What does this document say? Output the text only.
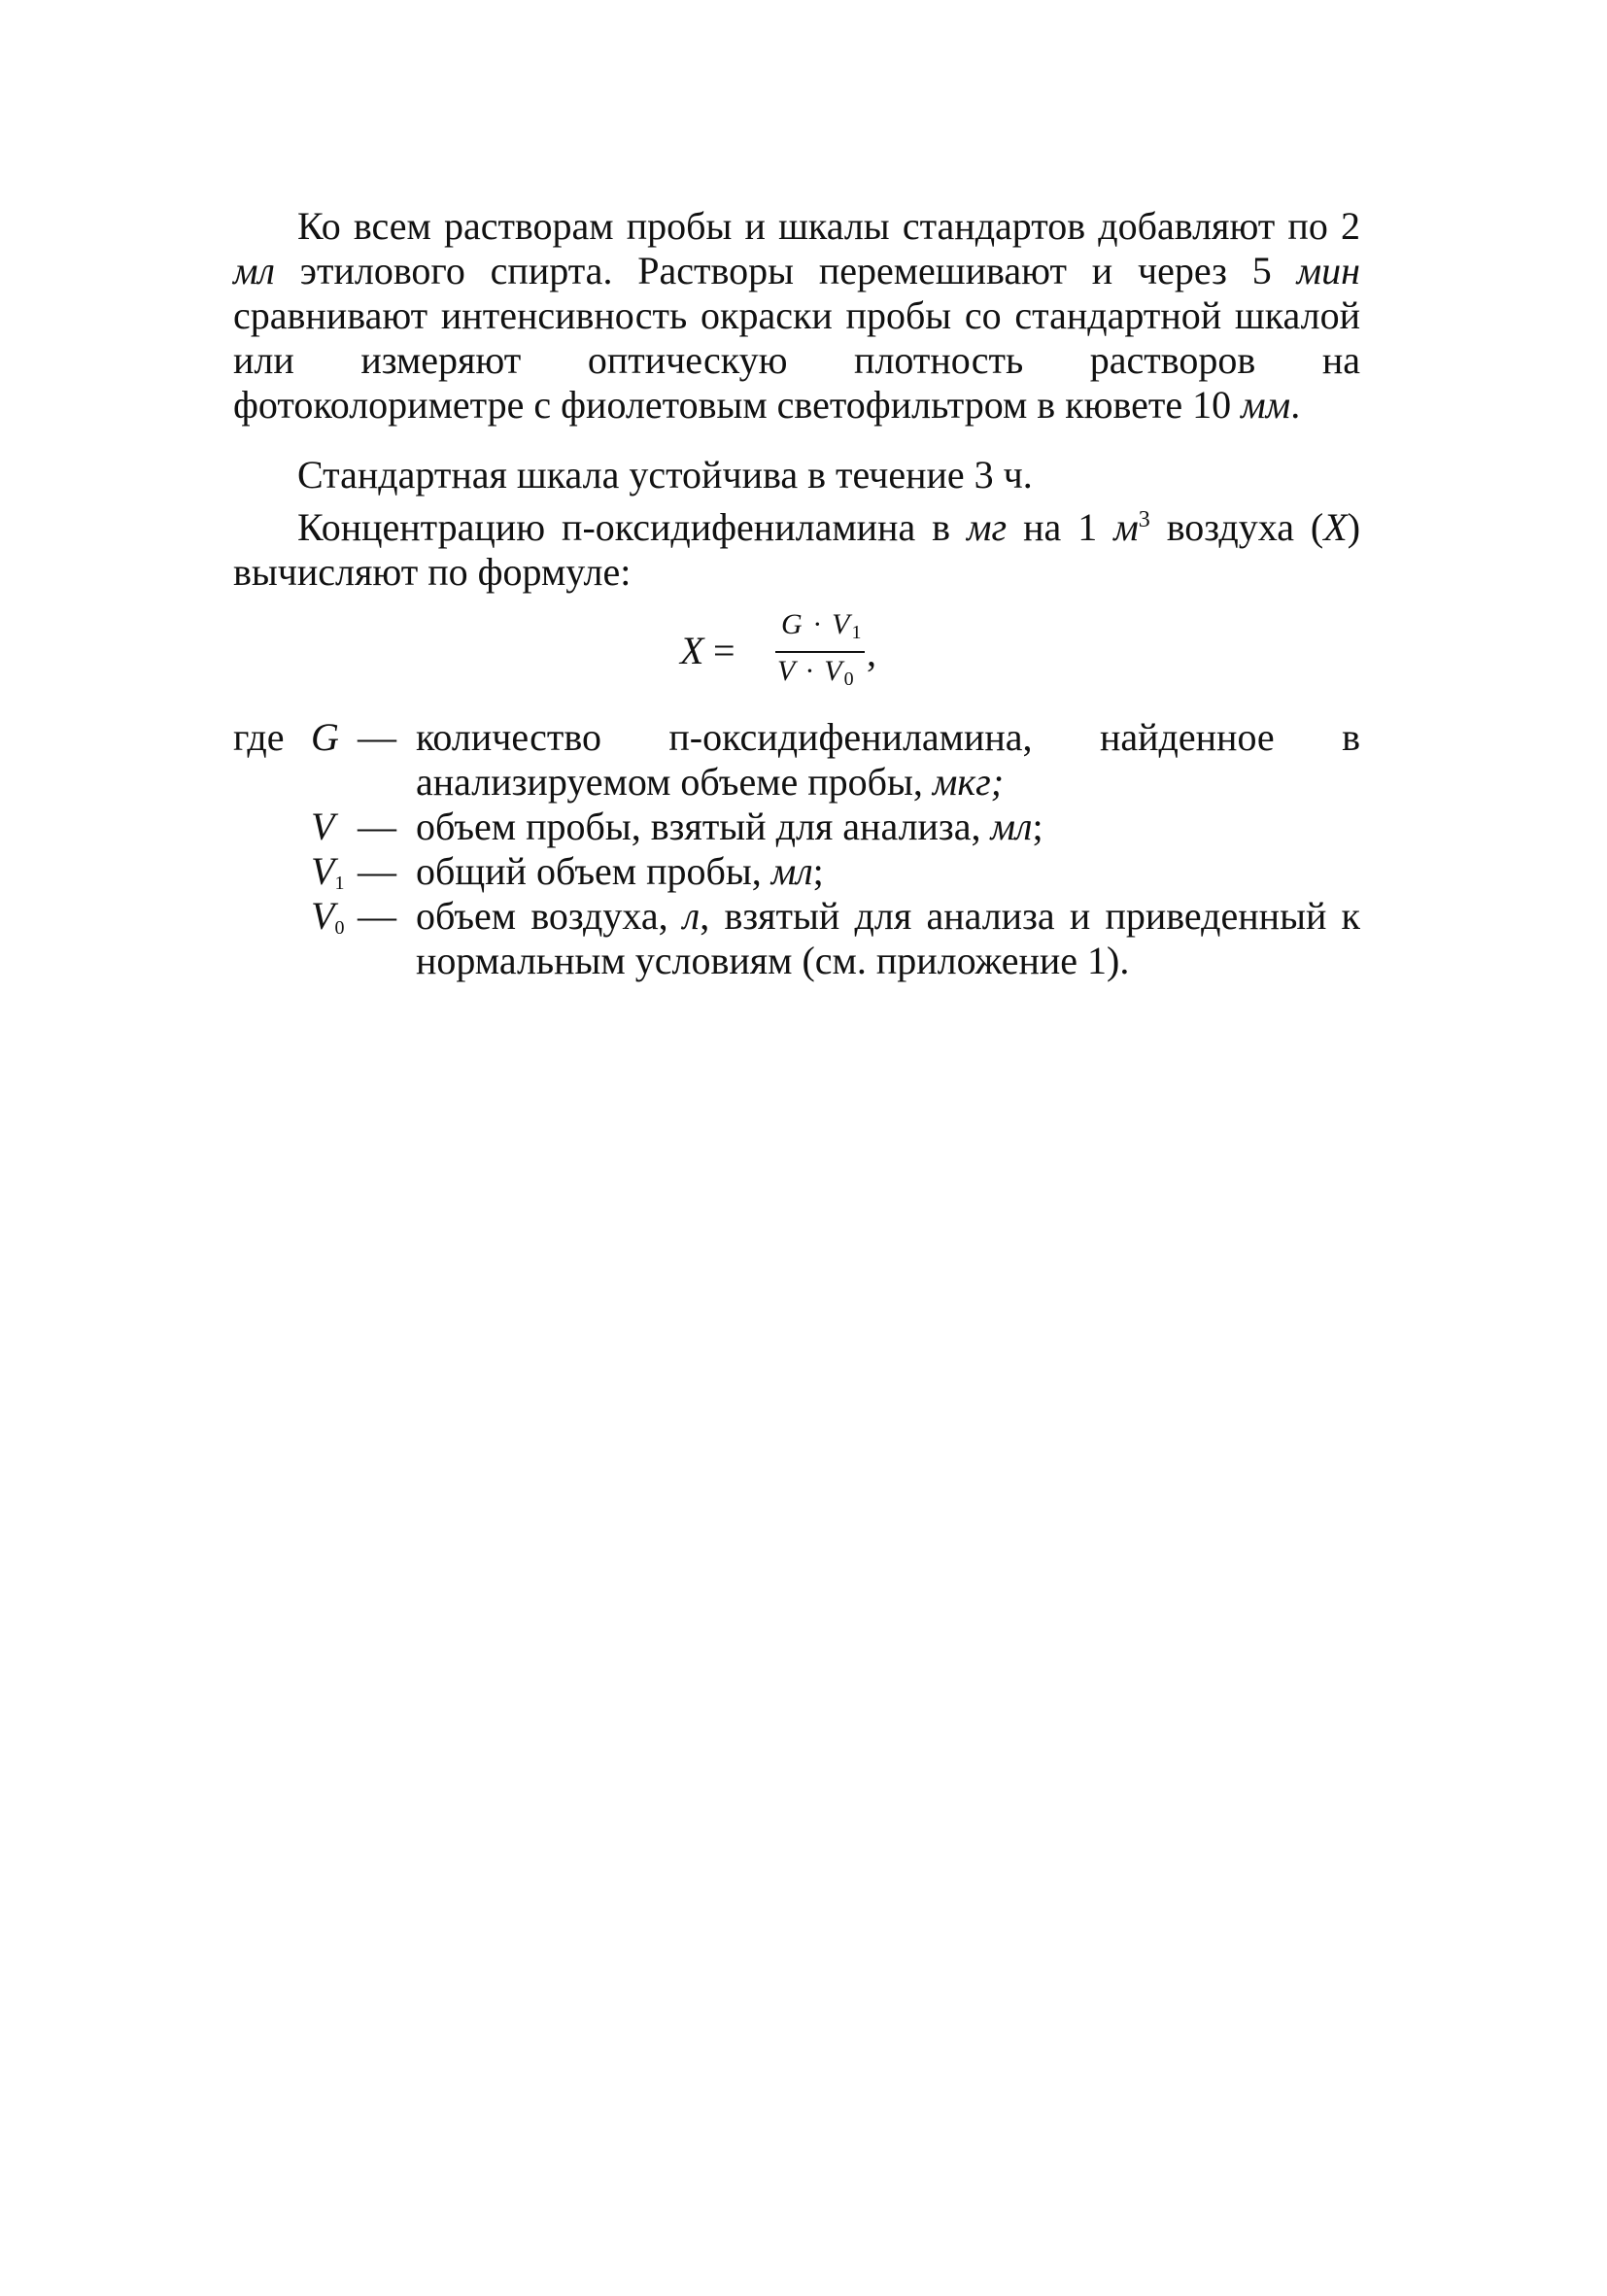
Ко всем растворам пробы и шкалы стандартов добавляют по 2 мл этилового спирта. Растворы перемешивают и через 5 мин сравнивают интенсивность окраски пробы со стандартной шкалой или измеряют оптическую плотность растворов на фотоколориметре с фиолетовым светофильтром в кювете 10 мм.

Стандартная шкала устойчива в течение 3 ч.

Концентрацию п-оксидифениламина в мг на 1 $м^3$ воздуха (X) вычисляют по формуле:

X =
$G \cdot V_1$
$V \cdot V_0$
,
где G — количество п-оксидифениламина, найденное в анализируемом объеме пробы, мкг;
V — объем пробы, взятый для анализа, мл;
$V_1$ — общий объем пробы, мл;
$V_0$ — объем воздуха, л, взятый для анализа и приведенный к нормальным условиям (см. приложение 1).
